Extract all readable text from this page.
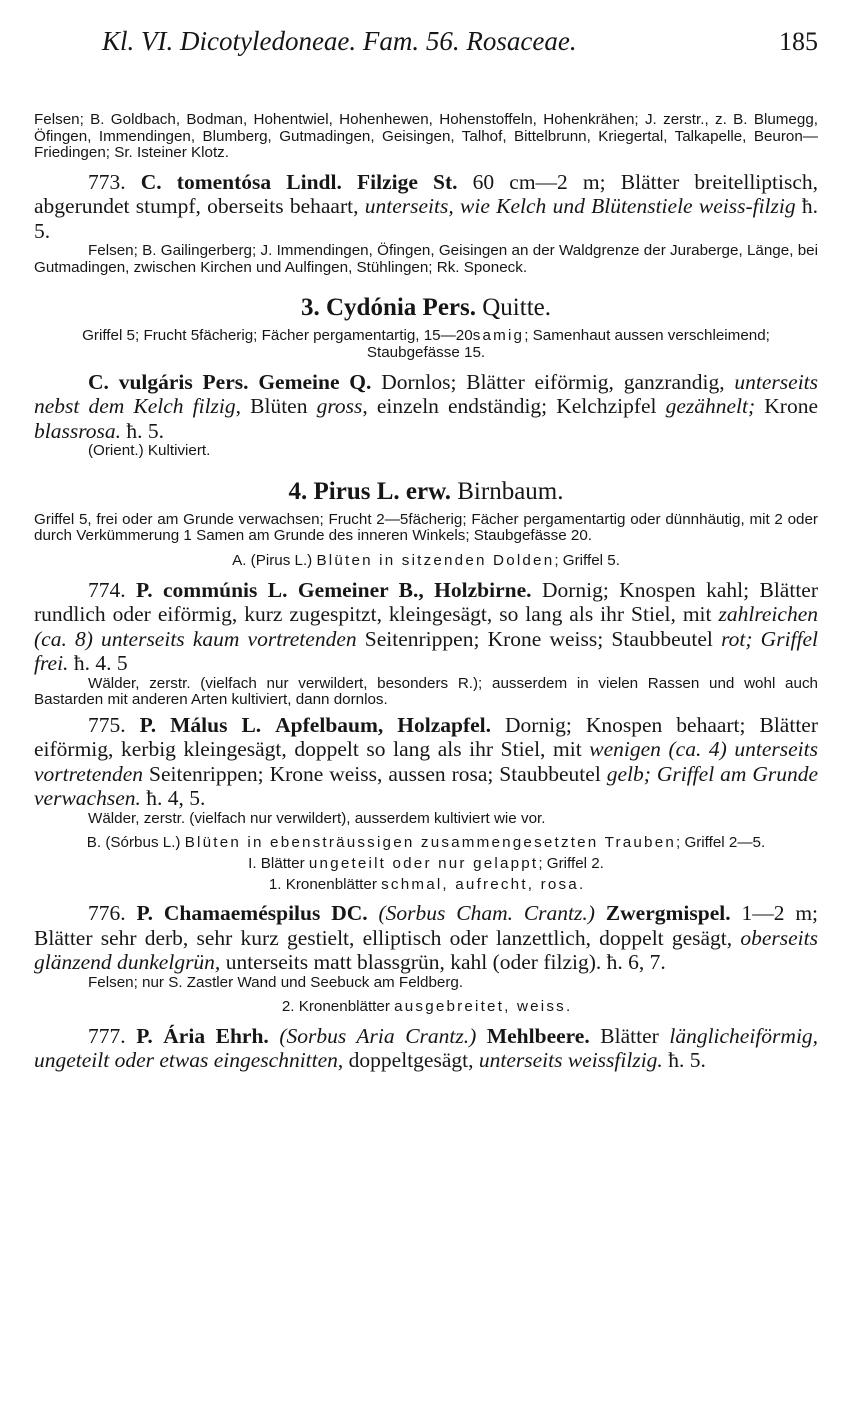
Kl. VI. Dicotyledoneae. Fam. 56. Rosaceae.	185
Felsen; B. Goldbach, Bodman, Hohentwiel, Hohenhewen, Hohenstoffeln, Hohenkrähen; J. zerstr., z. B. Blumegg, Öfingen, Immendingen, Blumberg, Gutmadingen, Geisingen, Talhof, Bittelbrunn, Kriegertal, Talkapelle, Beuron—Friedingen; Sr. Isteiner Klotz.
773. C. tomentósa Lindl. Filzige St. 60 cm—2 m; Blätter breitelliptisch, abgerundet stumpf, oberseits behaart, unterseits, wie Kelch und Blütenstiele weiss-filzig ħ. 5.
Felsen; B. Gailingerberg; J. Immendingen, Öfingen, Geisingen an der Waldgrenze der Juraberge, Länge, bei Gutmadingen, zwischen Kirchen und Aulfingen, Stühlingen; Rk. Sponeck.
3. Cydónia Pers. Quitte.
Griffel 5; Frucht 5fächerig; Fächer pergamentartig, 15—20samig; Samenhaut aussen verschleimend; Staubgefässe 15.
C. vulgáris Pers. Gemeine Q. Dornlos; Blätter eiförmig, ganzrandig, unterseits nebst dem Kelch filzig, Blüten gross, einzeln endständig; Kelchzipfel gezähnelt; Krone blassrosa. ħ. 5.
(Orient.) Kultiviert.
4. Pirus L. erw. Birnbaum.
Griffel 5, frei oder am Grunde verwachsen; Frucht 2—5fächerig; Fächer pergamentartig oder dünnhäutig, mit 2 oder durch Verkümmerung 1 Samen am Grunde des inneren Winkels; Staubgefässe 20.
A. (Pirus L.) Blüten in sitzenden Dolden; Griffel 5.
774. P. commúnis L. Gemeiner B., Holzbirne. Dornig; Knospen kahl; Blätter rundlich oder eiförmig, kurz zugespitzt, kleingesägt, so lang als ihr Stiel, mit zahlreichen (ca. 8) unterseits kaum vortretenden Seitenrippen; Krone weiss; Staubbeutel rot; Griffel frei. ħ. 4. 5
Wälder, zerstr. (vielfach nur verwildert, besonders R.); ausserdem in vielen Rassen und wohl auch Bastarden mit anderen Arten kultiviert, dann dornlos.
775. P. Málus L. Apfelbaum, Holzapfel. Dornig; Knospen behaart; Blätter eiförmig, kerbig kleingesägt, doppelt so lang als ihr Stiel, mit wenigen (ca. 4) unterseits vortretenden Seitenrippen; Krone weiss, aussen rosa; Staubbeutel gelb; Griffel am Grunde verwachsen. ħ. 4, 5.
Wälder, zerstr. (vielfach nur verwildert), ausserdem kultiviert wie vor.
B. (Sórbus L.) Blüten in ebensträussigen zusammengesetzten Trauben; Griffel 2—5.
I. Blätter ungeteilt oder nur gelappt; Griffel 2.
1. Kronenblätter schmal, aufrecht, rosa.
776. P. Chamaeméspilus DC. (Sorbus Cham. Crantz.) Zwergmispel. 1—2 m; Blätter sehr derb, sehr kurz gestielt, elliptisch oder lanzettlich, doppelt gesägt, oberseits glänzend dunkelgrün, unterseits matt blassgrün, kahl (oder filzig). ħ. 6, 7.
Felsen; nur S. Zastler Wand und Seebuck am Feldberg.
2. Kronenblätter ausgebreitet, weiss.
777. P. Ária Ehrh. (Sorbus Aria Crantz.) Mehlbeere. Blätter länglicheiförmig, ungeteilt oder etwas eingeschnitten, doppeltgesägt, unterseits weissfilzig. ħ. 5.
